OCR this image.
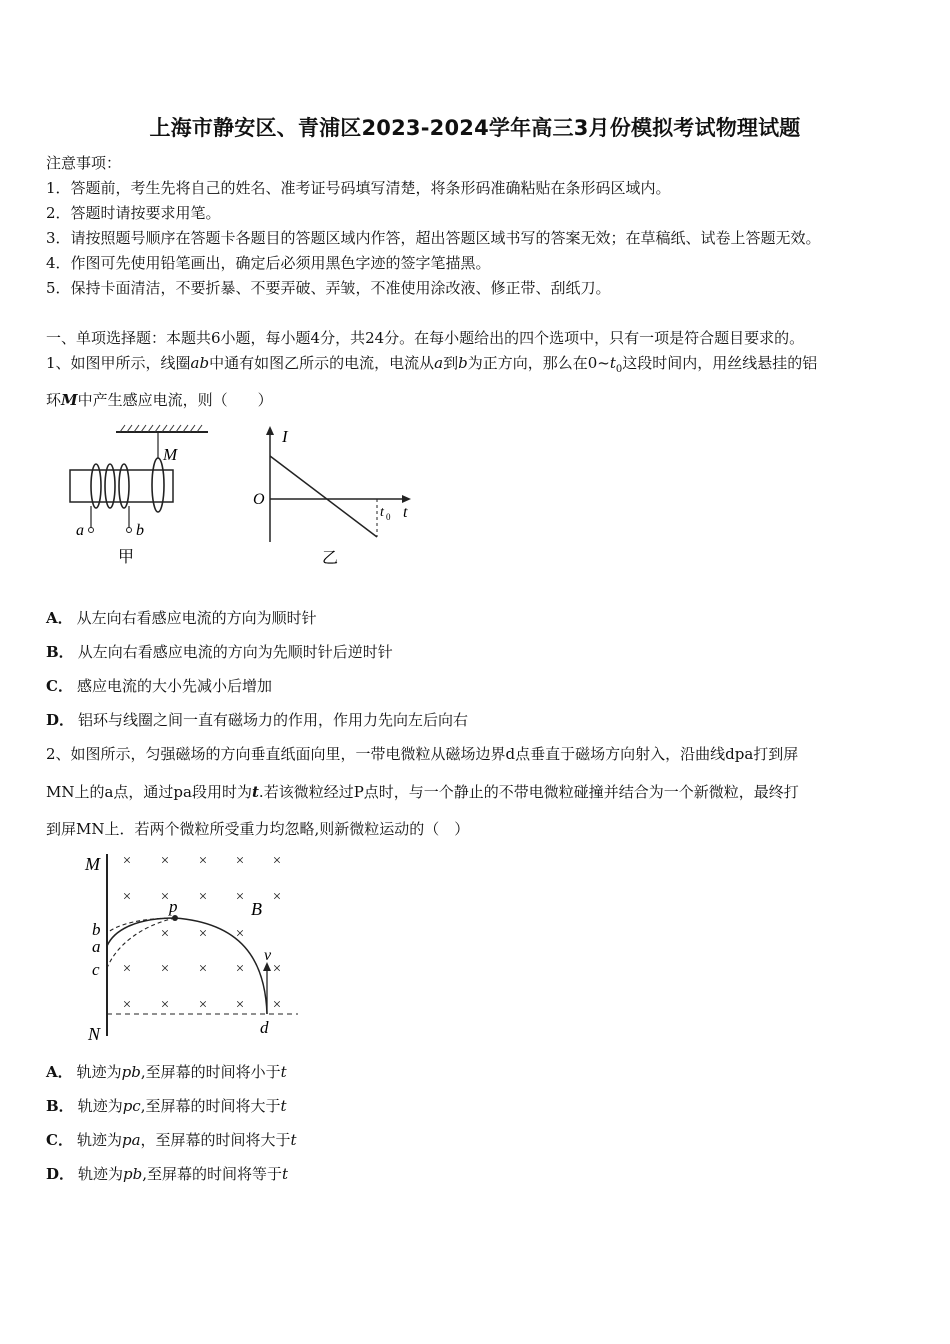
上海市静安区、青浦区2023-2024学年高三3月份模拟考试物理试题
注意事项：
1．答题前，考生先将自己的姓名、准考证号码填写清楚，将条形码准确粘贴在条形码区域内。
2．答题时请按要求用笔。
3．请按照题号顺序在答题卡各题目的答题区域内作答，超出答题区域书写的答案无效；在草稿纸、试卷上答题无效。
4．作图可先使用铅笔画出，确定后必须用黑色字迹的签字笔描黑。
5．保持卡面清洁，不要折暴、不要弄破、弄皱，不准使用涂改液、修正带、刮纸刀。
一、单项选择题：本题共6小题，每小题4分，共24分。在每小题给出的四个选项中，只有一项是符合题目要求的。
1、如图甲所示，线圈ab中通有如图乙所示的电流，电流从a到b为正方向，那么在$0\sim t_0$这段时间内，用丝线悬挂的铝
环M中产生感应电流，则（　　）
M
a	b
甲
I
O
t
t 0
乙
A． 从左向右看感应电流的方向为顺时针
B． 从左向右看感应电流的方向为先顺时针后逆时针
C． 感应电流的大小先减小后增加
D． 铝环与线圈之间一直有磁场力的作用，作用力先向左后向右
2、如图所示，匀强磁场的方向垂直纸面向里，一带电微粒从磁场边界d点垂直于磁场方向射入，沿曲线dpa打到屏
MN上的a点，通过pa段用时为t.若该微粒经过P点时，与一个静止的不带电微粒碰撞并结合为一个新微粒，最终打
到屏MN上．若两个微粒所受重力均忽略,则新微粒运动的（　）
× × × × ×
× × × × ×
× × ×
× × × × ×
× × × × ×
M
N
p	B
b
a
c
v
d
A． 轨迹为pb,至屏幕的时间将小于t
B． 轨迹为pc,至屏幕的时间将大于t
C． 轨迹为pa，至屏幕的时间将大于t
D． 轨迹为pb,至屏幕的时间将等于t
